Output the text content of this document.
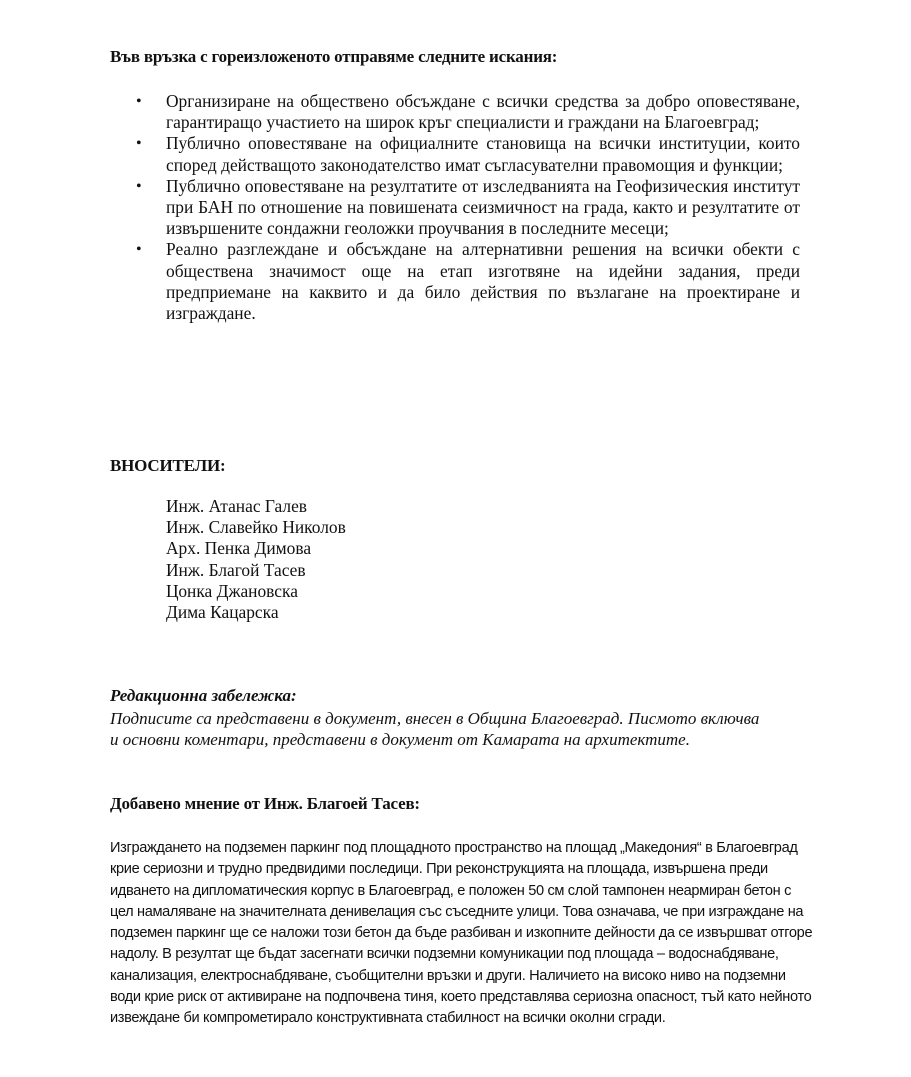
Във връзка с гореизложеното отправяме следните искания:
• Организиране на обществено обсъждане с всички средства за добро оповестяване, гарантиращо участието на широк кръг специалисти и граждани на Благоевград;
• Публично оповестяване на официалните становища на всички институции, които според действащото законодателство имат съгласувателни правомощия и функции;
• Публично оповестяване на резултатите от изследванията на Геофизическия институт при БАН по отношение на повишената сеизмичност на града, както и резултатите от извършените сондажни геоложки проучвания в последните месеци;
• Реално разглеждане и обсъждане на алтернативни решения на всички обекти с обществена значимост още на етап изготвяне на идейни задания, преди предприемане на каквито и да било действия по възлагане на проектиране и изграждане.
ВНОСИТЕЛИ:
Инж. Атанас Галев
Инж. Славейко Николов
Арх. Пенка Димова
Инж. Благой Тасев
Цонка Джановска
Дима Кацарска
Редакционна забележка:
Подписите са представени в документ, внесен в Община Благоевград. Писмото включва и основни коментари, представени в документ от Камарата на архитектите.
Добавено мнение от Инж. Благоей Тасев:
Изграждането на подземен паркинг под площадното пространство на площад „Македония“ в Благоевград крие сериозни и трудно предвидими последици. При реконструкцията на площада, извършена преди идването на дипломатическия корпус в Благоевград, е положен 50 см слой тампонен неармиран бетон с цел намаляване на значителната денивелация със съседните улици. Това означава, че при изграждане на подземен паркинг ще се наложи този бетон да бъде разбиван и изкопните дейности да се извършват отгоре надолу. В резултат ще бъдат засегнати всички подземни комуникации под площада – водоснабдяване, канализация, електроснабдяване, съобщителни връзки и други. Наличието на високо ниво на подземни води крие риск от активиране на подпочвена тиня, което представлява сериозна опасност, тъй като нейното извеждане би компрометирало конструктивната стабилност на всички околни сгради.
